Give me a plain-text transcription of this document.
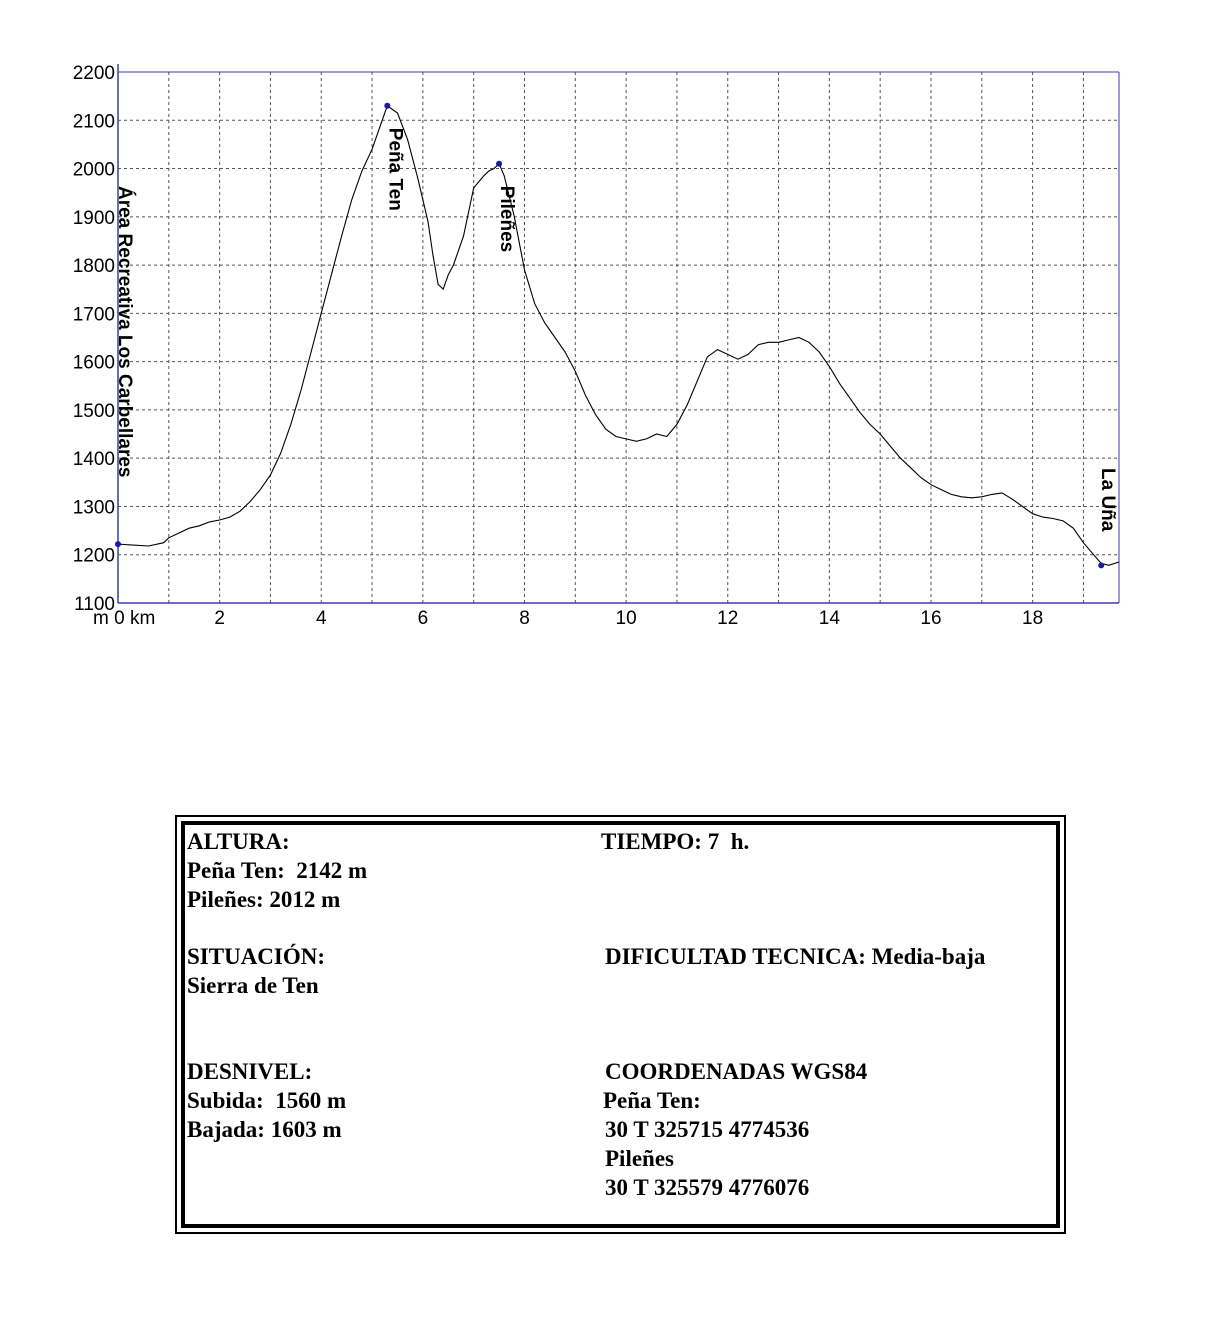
1100
1200
1300
1400
1500
1600
1700
1800
1900
2000
2100
2200
m 0 km	2	4	6	8	10	12	14	16	18
Área Recreativa Los Carbellares
Peña Ten
Pileñes
La Uña
ALTURA:
Peña Ten:  2142 m
Pileñes: 2012 m
SITUACIÓN:
Sierra de Ten
DESNIVEL:
Subida:  1560 m
Bajada: 1603 m
TIEMPO: 7  h.
DIFICULTAD TECNICA: Media-baja
COORDENADAS WGS84
Peña Ten:
30 T 325715 4774536
Pileñes
30 T 325579 4776076
